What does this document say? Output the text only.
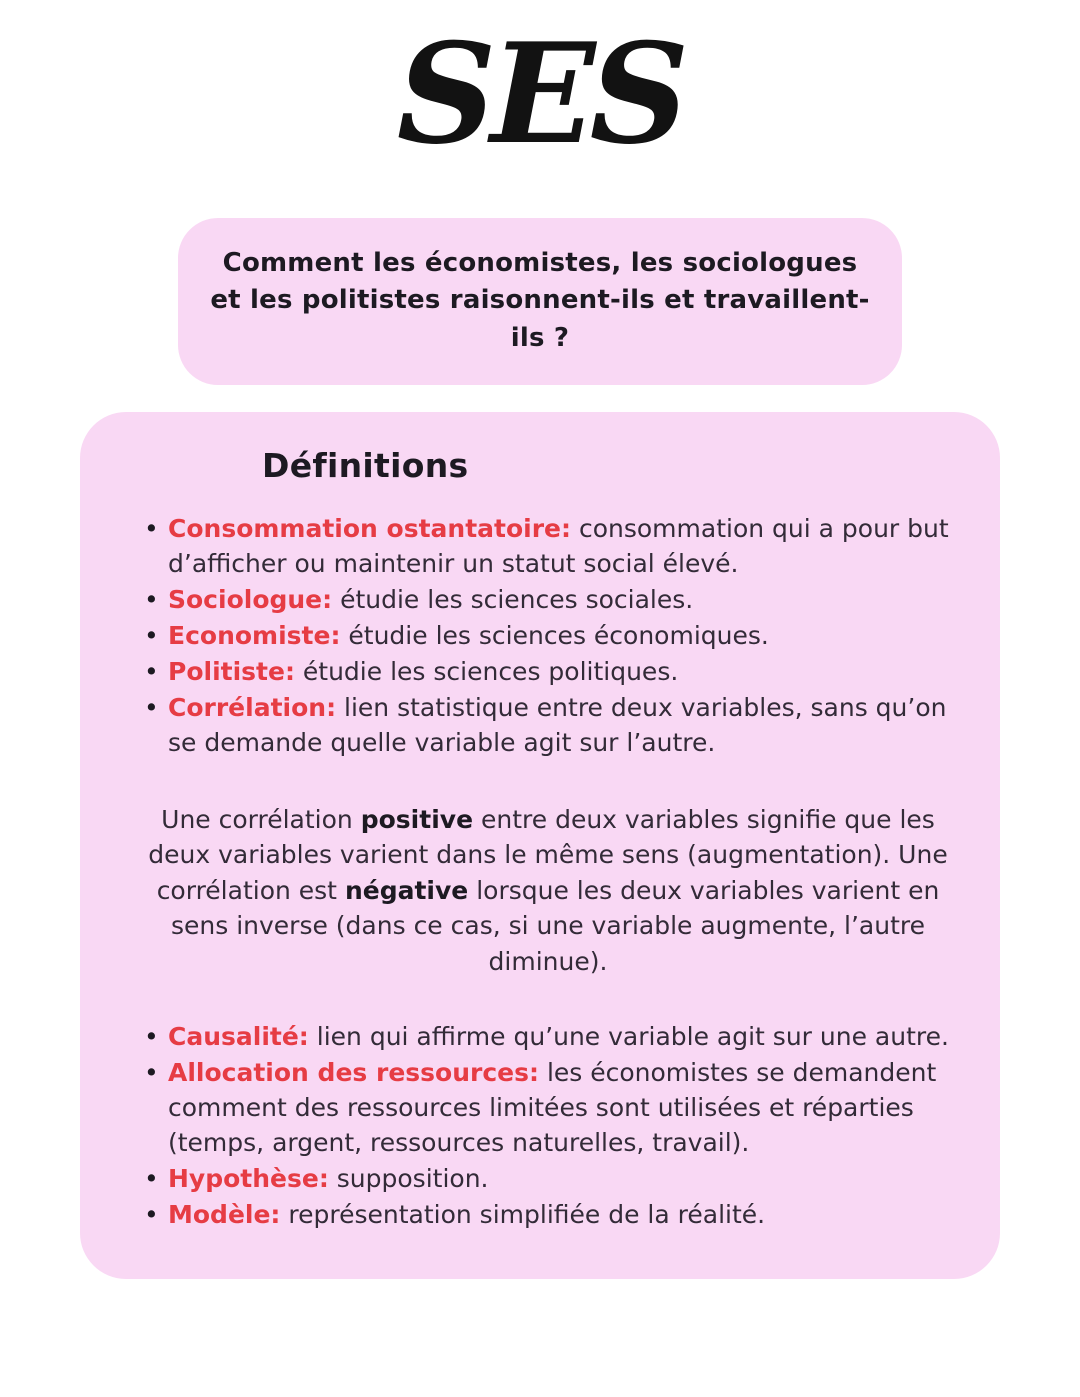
SES
Comment les économistes, les sociologues et les politistes raisonnent-ils et travaillent-ils ?
Définitions
• Consommation ostantatoire: consommation qui a pour but d’afficher ou maintenir un statut social élevé.
• Sociologue: étudie les sciences sociales.
• Economiste: étudie les sciences économiques.
• Politiste: étudie les sciences politiques.
• Corrélation: lien statistique entre deux variables, sans qu’on se demande quelle variable agit sur l’autre.

Une corrélation positive entre deux variables signifie que les deux variables varient dans le même sens (augmentation). Une corrélation est négative lorsque les deux variables varient en sens inverse (dans ce cas, si une variable augmente, l’autre diminue).

• Causalité: lien qui affirme qu’une variable agit sur une autre.
• Allocation des ressources: les économistes se demandent comment des ressources limitées sont utilisées et réparties (temps, argent, ressources naturelles, travail).
• Hypothèse: supposition.
• Modèle: représentation simplifiée de la réalité.
